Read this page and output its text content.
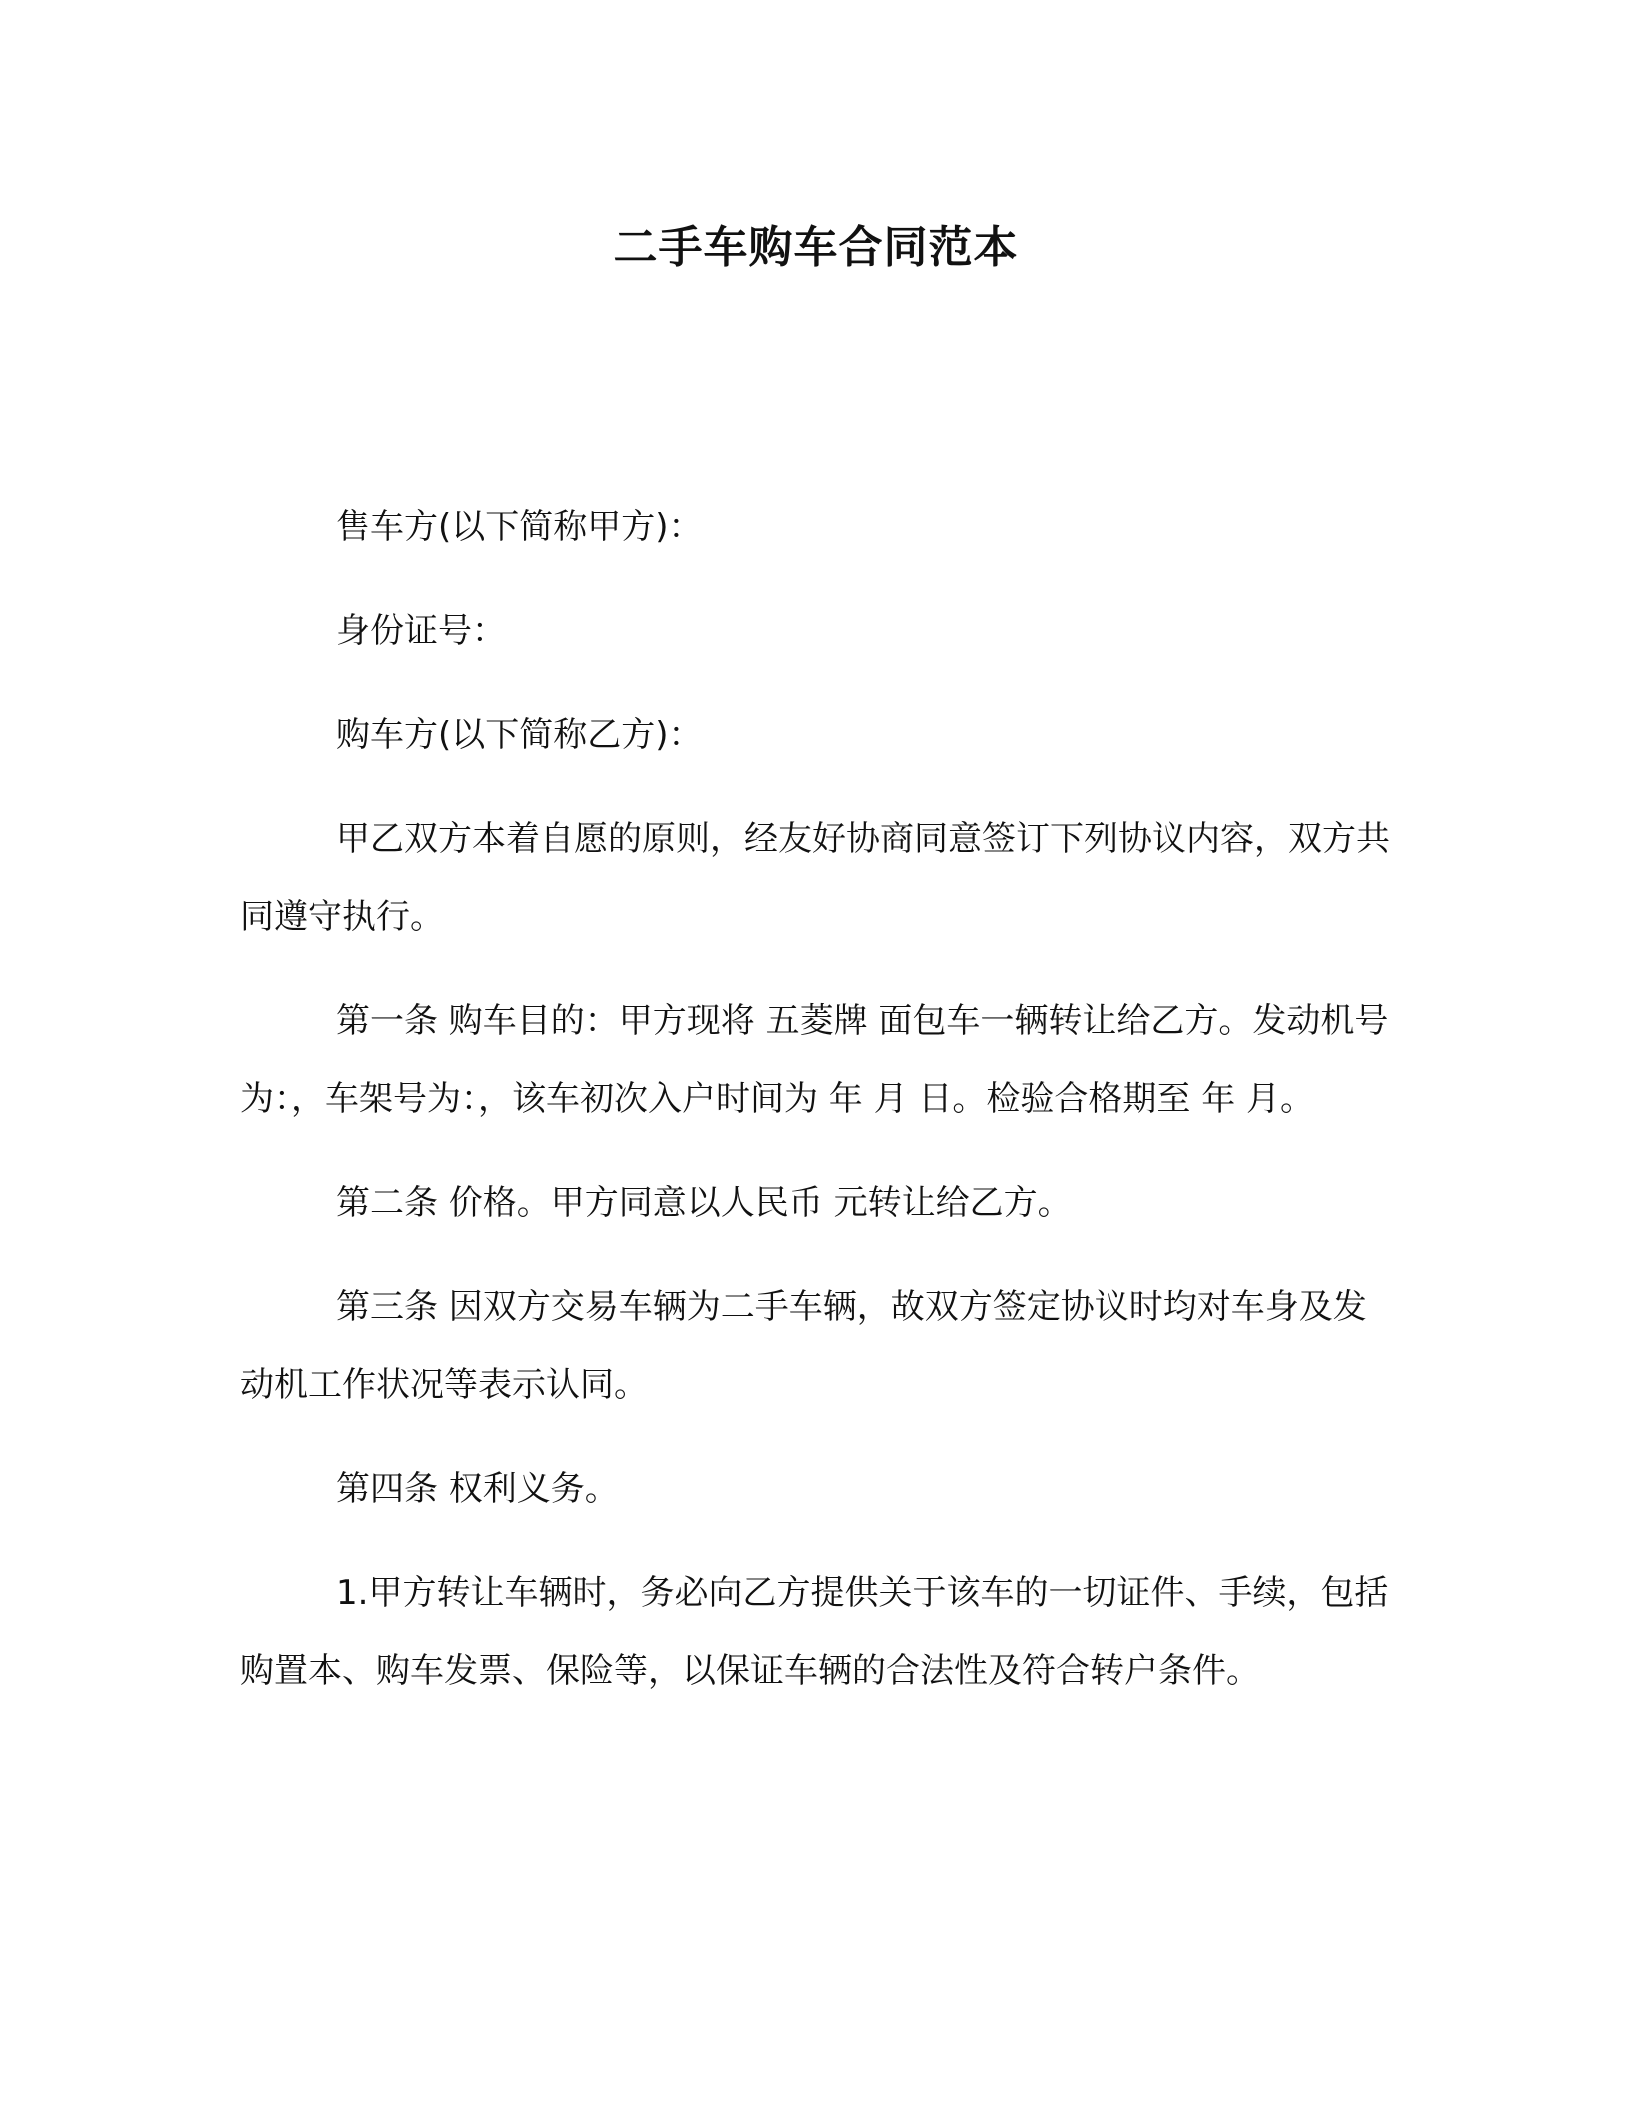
二手车购车合同范本

售车方(以下简称甲方)：

身份证号：

购车方(以下简称乙方)：

甲乙双方本着自愿的原则，经友好协商同意签订下列协议内容，双方共同遵守执行。

第一条 购车目的：甲方现将 五菱牌 面包车一辆转让给乙方。发动机号为：，车架号为：，该车初次入户时间为 年 月 日。检验合格期至 年 月。

第二条 价格。甲方同意以人民币 元转让给乙方。

第三条 因双方交易车辆为二手车辆，故双方签定协议时均对车身及发动机工作状况等表示认同。

第四条 权利义务。

1.甲方转让车辆时，务必向乙方提供关于该车的一切证件、手续，包括购置本、购车发票、保险等，以保证车辆的合法性及符合转户条件。
